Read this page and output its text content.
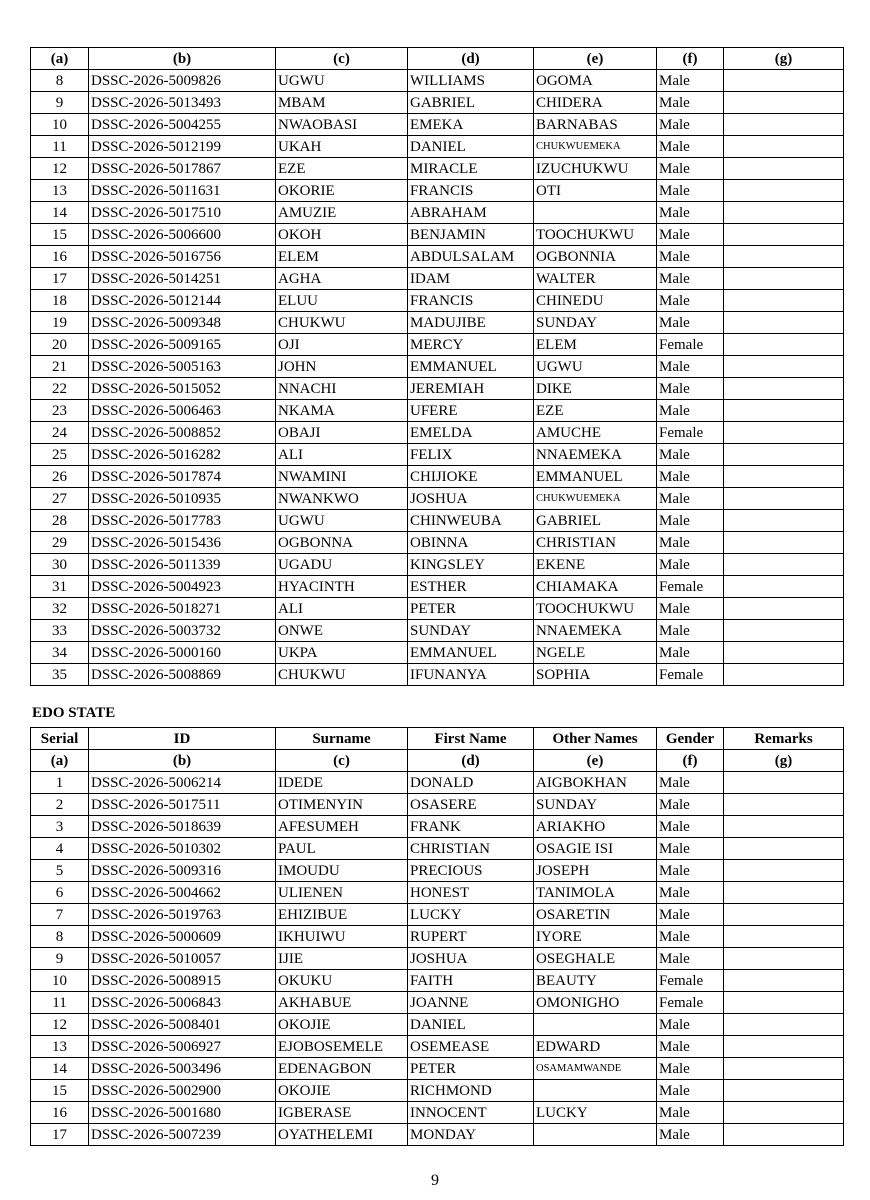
(a)	(b)	(c)	(d)	(e)	(f)	(g)
8	DSSC-2026-5009826	UGWU	WILLIAMS	OGOMA	Male	
9	DSSC-2026-5013493	MBAM	GABRIEL	CHIDERA	Male	
10	DSSC-2026-5004255	NWAOBASI	EMEKA	BARNABAS	Male	
11	DSSC-2026-5012199	UKAH	DANIEL	CHUKWUEMEKA	Male	
12	DSSC-2026-5017867	EZE	MIRACLE	IZUCHUKWU	Male	
13	DSSC-2026-5011631	OKORIE	FRANCIS	OTI	Male	
14	DSSC-2026-5017510	AMUZIE	ABRAHAM		Male	
15	DSSC-2026-5006600	OKOH	BENJAMIN	TOOCHUKWU	Male	
16	DSSC-2026-5016756	ELEM	ABDULSALAM	OGBONNIA	Male	
17	DSSC-2026-5014251	AGHA	IDAM	WALTER	Male	
18	DSSC-2026-5012144	ELUU	FRANCIS	CHINEDU	Male	
19	DSSC-2026-5009348	CHUKWU	MADUJIBE	SUNDAY	Male	
20	DSSC-2026-5009165	OJI	MERCY	ELEM	Female	
21	DSSC-2026-5005163	JOHN	EMMANUEL	UGWU	Male	
22	DSSC-2026-5015052	NNACHI	JEREMIAH	DIKE	Male	
23	DSSC-2026-5006463	NKAMA	UFERE	EZE	Male	
24	DSSC-2026-5008852	OBAJI	EMELDA	AMUCHE	Female	
25	DSSC-2026-5016282	ALI	FELIX	NNAEMEKA	Male	
26	DSSC-2026-5017874	NWAMINI	CHIJIOKE	EMMANUEL	Male	
27	DSSC-2026-5010935	NWANKWO	JOSHUA	CHUKWUEMEKA	Male	
28	DSSC-2026-5017783	UGWU	CHINWEUBA	GABRIEL	Male	
29	DSSC-2026-5015436	OGBONNA	OBINNA	CHRISTIAN	Male	
30	DSSC-2026-5011339	UGADU	KINGSLEY	EKENE	Male	
31	DSSC-2026-5004923	HYACINTH	ESTHER	CHIAMAKA	Female	
32	DSSC-2026-5018271	ALI	PETER	TOOCHUKWU	Male	
33	DSSC-2026-5003732	ONWE	SUNDAY	NNAEMEKA	Male	
34	DSSC-2026-5000160	UKPA	EMMANUEL	NGELE	Male	
35	DSSC-2026-5008869	CHUKWU	IFUNANYA	SOPHIA	Female	
EDO STATE
Serial	ID	Surname	First Name	Other Names	Gender	Remarks
(a)	(b)	(c)	(d)	(e)	(f)	(g)
1	DSSC-2026-5006214	IDEDE	DONALD	AIGBOKHAN	Male	
2	DSSC-2026-5017511	OTIMENYIN	OSASERE	SUNDAY	Male	
3	DSSC-2026-5018639	AFESUMEH	FRANK	ARIAKHO	Male	
4	DSSC-2026-5010302	PAUL	CHRISTIAN	OSAGIE ISI	Male	
5	DSSC-2026-5009316	IMOUDU	PRECIOUS	JOSEPH	Male	
6	DSSC-2026-5004662	ULIENEN	HONEST	TANIMOLA	Male	
7	DSSC-2026-5019763	EHIZIBUE	LUCKY	OSARETIN	Male	
8	DSSC-2026-5000609	IKHUIWU	RUPERT	IYORE	Male	
9	DSSC-2026-5010057	IJIE	JOSHUA	OSEGHALE	Male	
10	DSSC-2026-5008915	OKUKU	FAITH	BEAUTY	Female	
11	DSSC-2026-5006843	AKHABUE	JOANNE	OMONIGHO	Female	
12	DSSC-2026-5008401	OKOJIE	DANIEL		Male	
13	DSSC-2026-5006927	EJOBOSEMELE	OSEMEASE	EDWARD	Male	
14	DSSC-2026-5003496	EDENAGBON	PETER	OSAMAMWANDE	Male	
15	DSSC-2026-5002900	OKOJIE	RICHMOND		Male	
16	DSSC-2026-5001680	IGBERASE	INNOCENT	LUCKY	Male	
17	DSSC-2026-5007239	OYATHELEMI	MONDAY		Male	
9
